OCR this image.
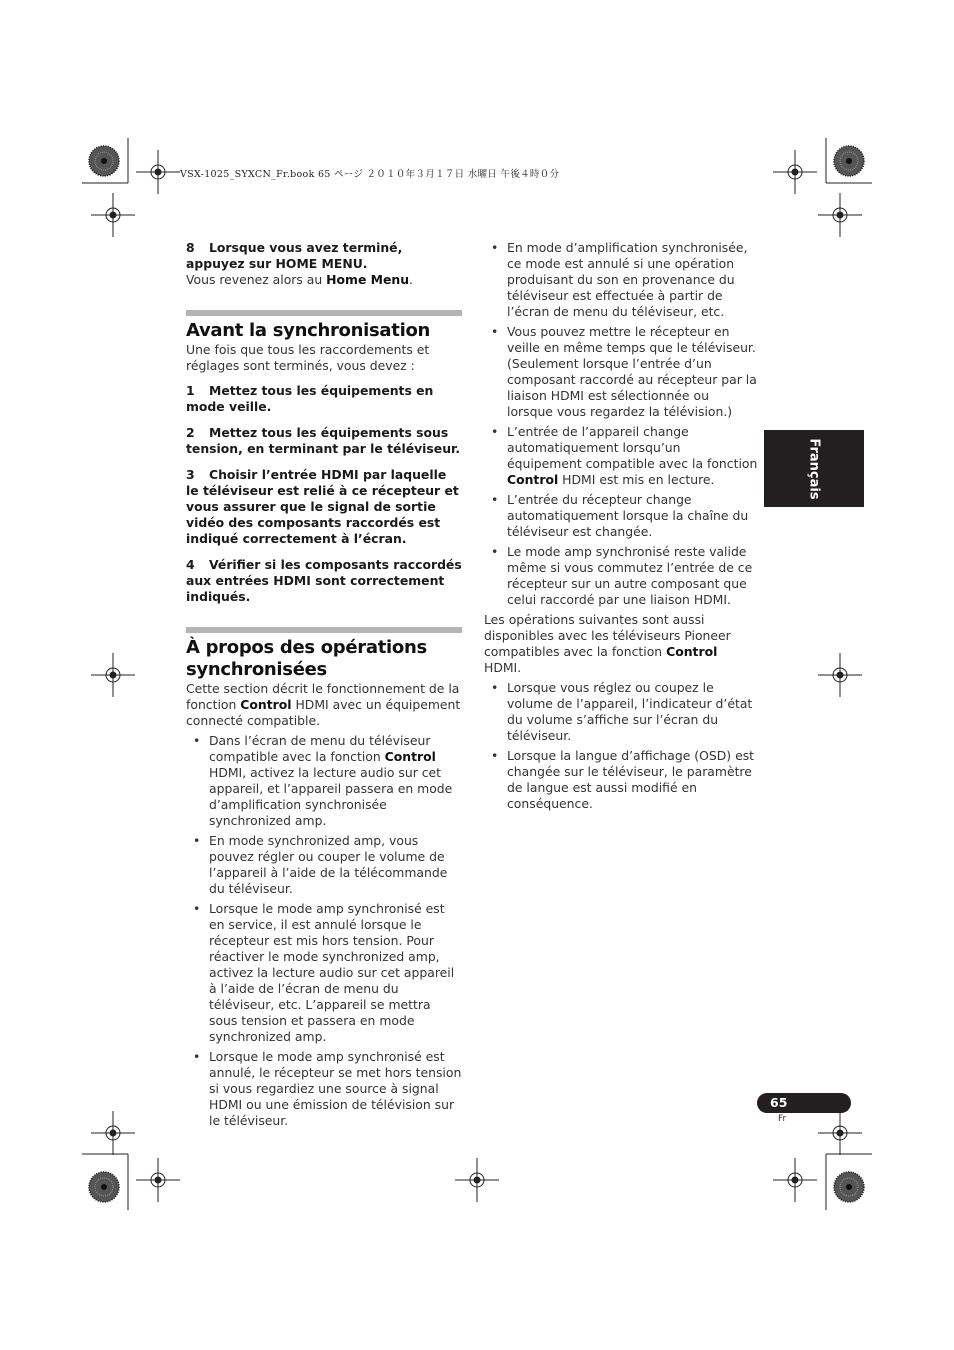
VSX-1025_SYXCN_Fr.book 65 ページ ２０１０年３月１７日 水曜日 午後４時０分

8 Lorsque vous avez terminé, appuyez sur HOME MENU.

Vous revenez alors au Home Menu.

Avant la synchronisation

Une fois que tous les raccordements et réglages sont terminés, vous devez :

1 Mettez tous les équipements en mode veille.

2 Mettez tous les équipements sous tension, en terminant par le téléviseur.

3 Choisir l’entrée HDMI par laquelle le téléviseur est relié à ce récepteur et vous assurer que le signal de sortie vidéo des composants raccordés est indiqué correctement à l’écran.

4 Vérifier si les composants raccordés aux entrées HDMI sont correctement indiqués.

À propos des opérations synchronisées

Cette section décrit le fonctionnement de la fonction Control HDMI avec un équipement connecté compatible.

• Dans l’écran de menu du téléviseur compatible avec la fonction Control HDMI, activez la lecture audio sur cet appareil, et l’appareil passera en mode d’amplification synchronisée synchronized amp.
• En mode synchronized amp, vous pouvez régler ou couper le volume de l’appareil à l’aide de la télécommande du téléviseur.
• Lorsque le mode amp synchronisé est en service, il est annulé lorsque le récepteur est mis hors tension. Pour réactiver le mode synchronized amp, activez la lecture audio sur cet appareil à l’aide de l’écran de menu du téléviseur, etc. L’appareil se mettra sous tension et passera en mode synchronized amp.
• Lorsque le mode amp synchronisé est annulé, le récepteur se met hors tension si vous regardiez une source à signal HDMI ou une émission de télévision sur le téléviseur.
• En mode d’amplification synchronisée, ce mode est annulé si une opération produisant du son en provenance du téléviseur est effectuée à partir de l’écran de menu du téléviseur, etc.
• Vous pouvez mettre le récepteur en veille en même temps que le téléviseur. (Seulement lorsque l’entrée d’un composant raccordé au récepteur par la liaison HDMI est sélectionnée ou lorsque vous regardez la télévision.)
• L’entrée de l’appareil change automatiquement lorsqu’un équipement compatible avec la fonction Control HDMI est mis en lecture.
• L’entrée du récepteur change automatiquement lorsque la chaîne du téléviseur est changée.
• Le mode amp synchronisé reste valide même si vous commutez l’entrée de ce récepteur sur un autre composant que celui raccordé par une liaison HDMI.

Les opérations suivantes sont aussi disponibles avec les téléviseurs Pioneer compatibles avec la fonction Control HDMI.

• Lorsque vous réglez ou coupez le volume de l’appareil, l’indicateur d’état du volume s’affiche sur l’écran du téléviseur.
• Lorsque la langue d’affichage (OSD) est changée sur le téléviseur, le paramètre de langue est aussi modifié en conséquence.
Français
65
Fr
